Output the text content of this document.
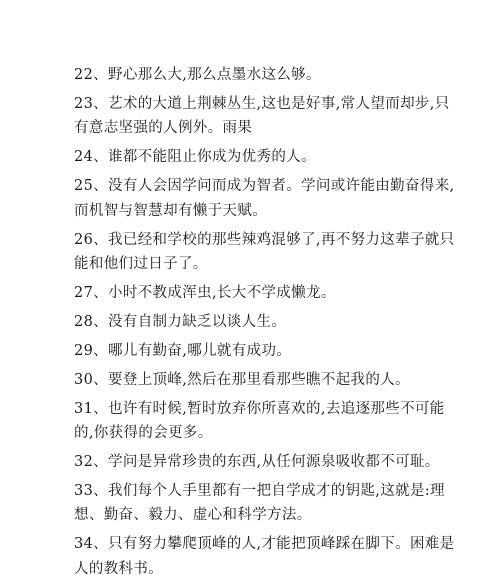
22、野心那么大,那么点墨水这么够。
23、艺术的大道上荆棘丛生,这也是好事,常人望而却步,只
有意志坚强的人例外。雨果
24、谁都不能阻止你成为优秀的人。
25、没有人会因学问而成为智者。学问或许能由勤奋得来,
而机智与智慧却有懒于天赋。
26、我已经和学校的那些辣鸡混够了,再不努力这辈子就只
能和他们过日子了。
27、小时不教成浑虫,长大不学成懒龙。
28、没有自制力缺乏以谈人生。
29、哪儿有勤奋,哪儿就有成功。
30、要登上顶峰,然后在那里看那些瞧不起我的人。
31、也许有时候,暂时放弃你所喜欢的,去追逐那些不可能
的,你获得的会更多。
32、学问是异常珍贵的东西,从任何源泉吸收都不可耻。
33、我们每个人手里都有一把自学成才的钥匙,这就是:理
想、勤奋、毅力、虚心和科学方法。
34、只有努力攀爬顶峰的人,才能把顶峰踩在脚下。困难是
人的教科书。
